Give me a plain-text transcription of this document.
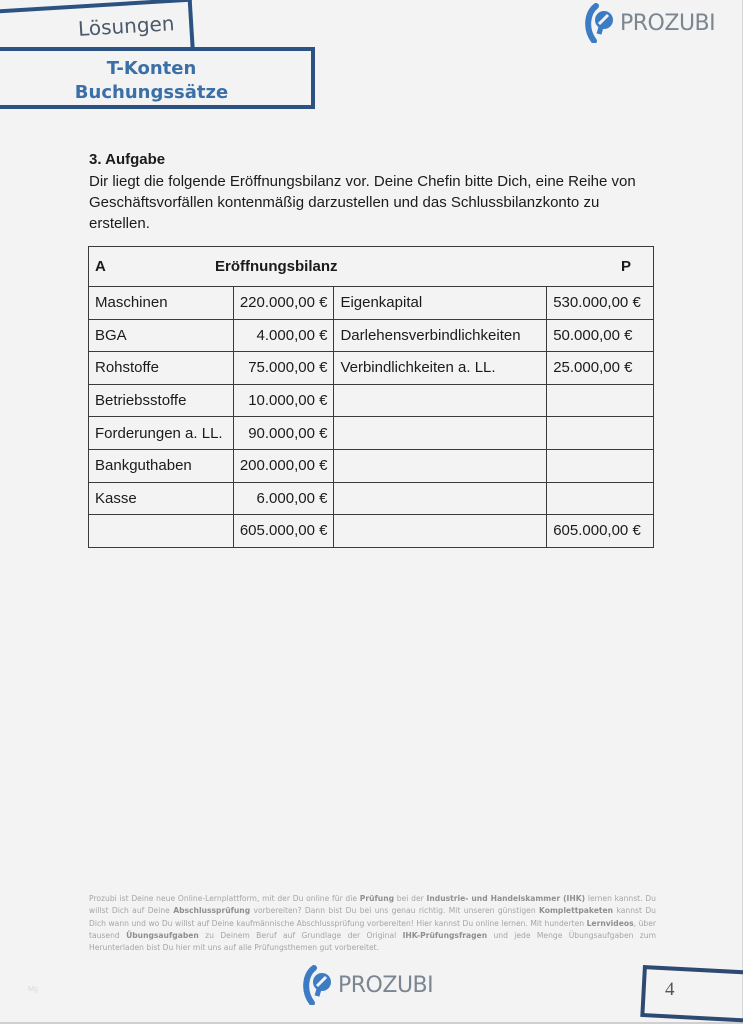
Lösungen
T-Konten
Buchungssätze
PROZUBI
3. Aufgabe
Dir liegt die folgende Eröffnungsbilanz vor. Deine Chefin bitte Dich, eine Reihe von Geschäftsvorfällen kontenmäßig darzustellen und das Schlussbilanzkonto zu erstellen.
A Eröffnungsbilanz P			

Maschinen	220.000,00 €	Eigenkapital	530.000,00 €
BGA	4.000,00 €	Darlehensverbindlichkeiten	50.000,00 €
Rohstoffe	75.000,00 €	Verbindlichkeiten a. LL.	25.000,00 €
Betriebsstoffe	10.000,00 €		
Forderungen a. LL.	90.000,00 €		
Bankguthaben	200.000,00 €		
Kasse	6.000,00 €		
	605.000,00 €		605.000,00 €
Prozubi ist Deine neue Online-Lernplattform, mit der Du online für die Prüfung bei der Industrie- und Handelskammer (IHK) lernen kannst. Du willst Dich auf Deine Abschlussprüfung vorbereiten? Dann bist Du bei uns genau richtig. Mit unseren günstigen Komplettpaketen kannst Du Dich wann und wo Du willst auf Deine kaufmännische Abschlussprüfung vorbereiten! Hier kannst Du online lernen. Mit hunderten Lernvideos, über tausend Übungsaufgaben zu Deinem Beruf auf Grundlage der Original IHK-Prüfungsfragen und jede Menge Übungsaufgaben zum Herunterladen bist Du hier mit uns auf alle Prüfungsthemen gut vorbereitet.
Mg	PROZUBI	4
